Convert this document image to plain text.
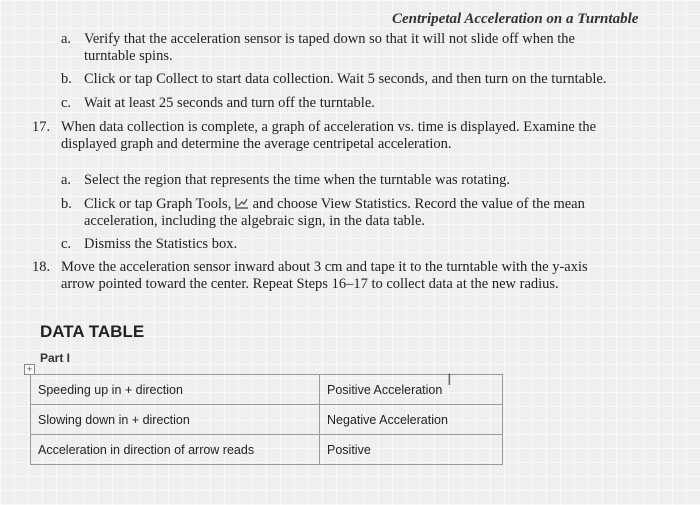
Centripetal Acceleration on a Turntable
a. Verify that the acceleration sensor is taped down so that it will not slide off when the
turntable spins.
b. Click or tap Collect to start data collection. Wait 5 seconds, and then turn on the turntable.
c. Wait at least 25 seconds and turn off the turntable.
17. When data collection is complete, a graph of acceleration vs. time is displayed. Examine the
displayed graph and determine the average centripetal acceleration.
a. Select the region that represents the time when the turntable was rotating.
b. Click or tap Graph Tools, and choose View Statistics. Record the value of the mean
acceleration, including the algebraic sign, in the data table.
c. Dismiss the Statistics box.
18. Move the acceleration sensor inward about 3 cm and tape it to the turntable with the y-axis
arrow pointed toward the center. Repeat Steps 16–17 to collect data at the new radius.
DATA TABLE
Part I
+
Speeding up in + direction	Positive Acceleration
Slowing down in + direction	Negative Acceleration
Acceleration in direction of arrow reads	Positive
Ⅰ
